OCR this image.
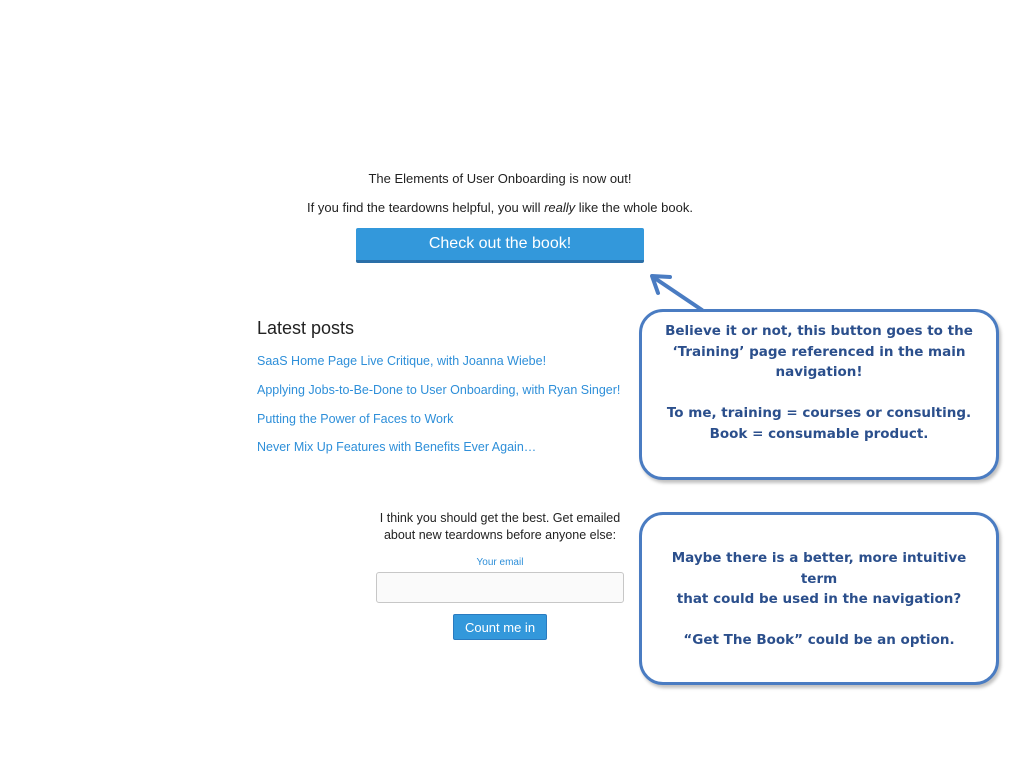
The Elements of User Onboarding is now out!
If you find the teardowns helpful, you will really like the whole book.
Check out the book!
Latest posts
SaaS Home Page Live Critique, with Joanna Wiebe!
Applying Jobs-to-Be-Done to User Onboarding, with Ryan Singer!
Putting the Power of Faces to Work
Never Mix Up Features with Benefits Ever Again…
I think you should get the best. Get emailed
about new teardowns before anyone else:
Your email
Count me in

Believe it or not, this button goes to the
‘Training’ page referenced in the main
navigation!

To me, training = courses or consulting.
Book = consumable product.

Maybe there is a better, more intuitive term
that could be used in the navigation?

“Get The Book” could be an option.
